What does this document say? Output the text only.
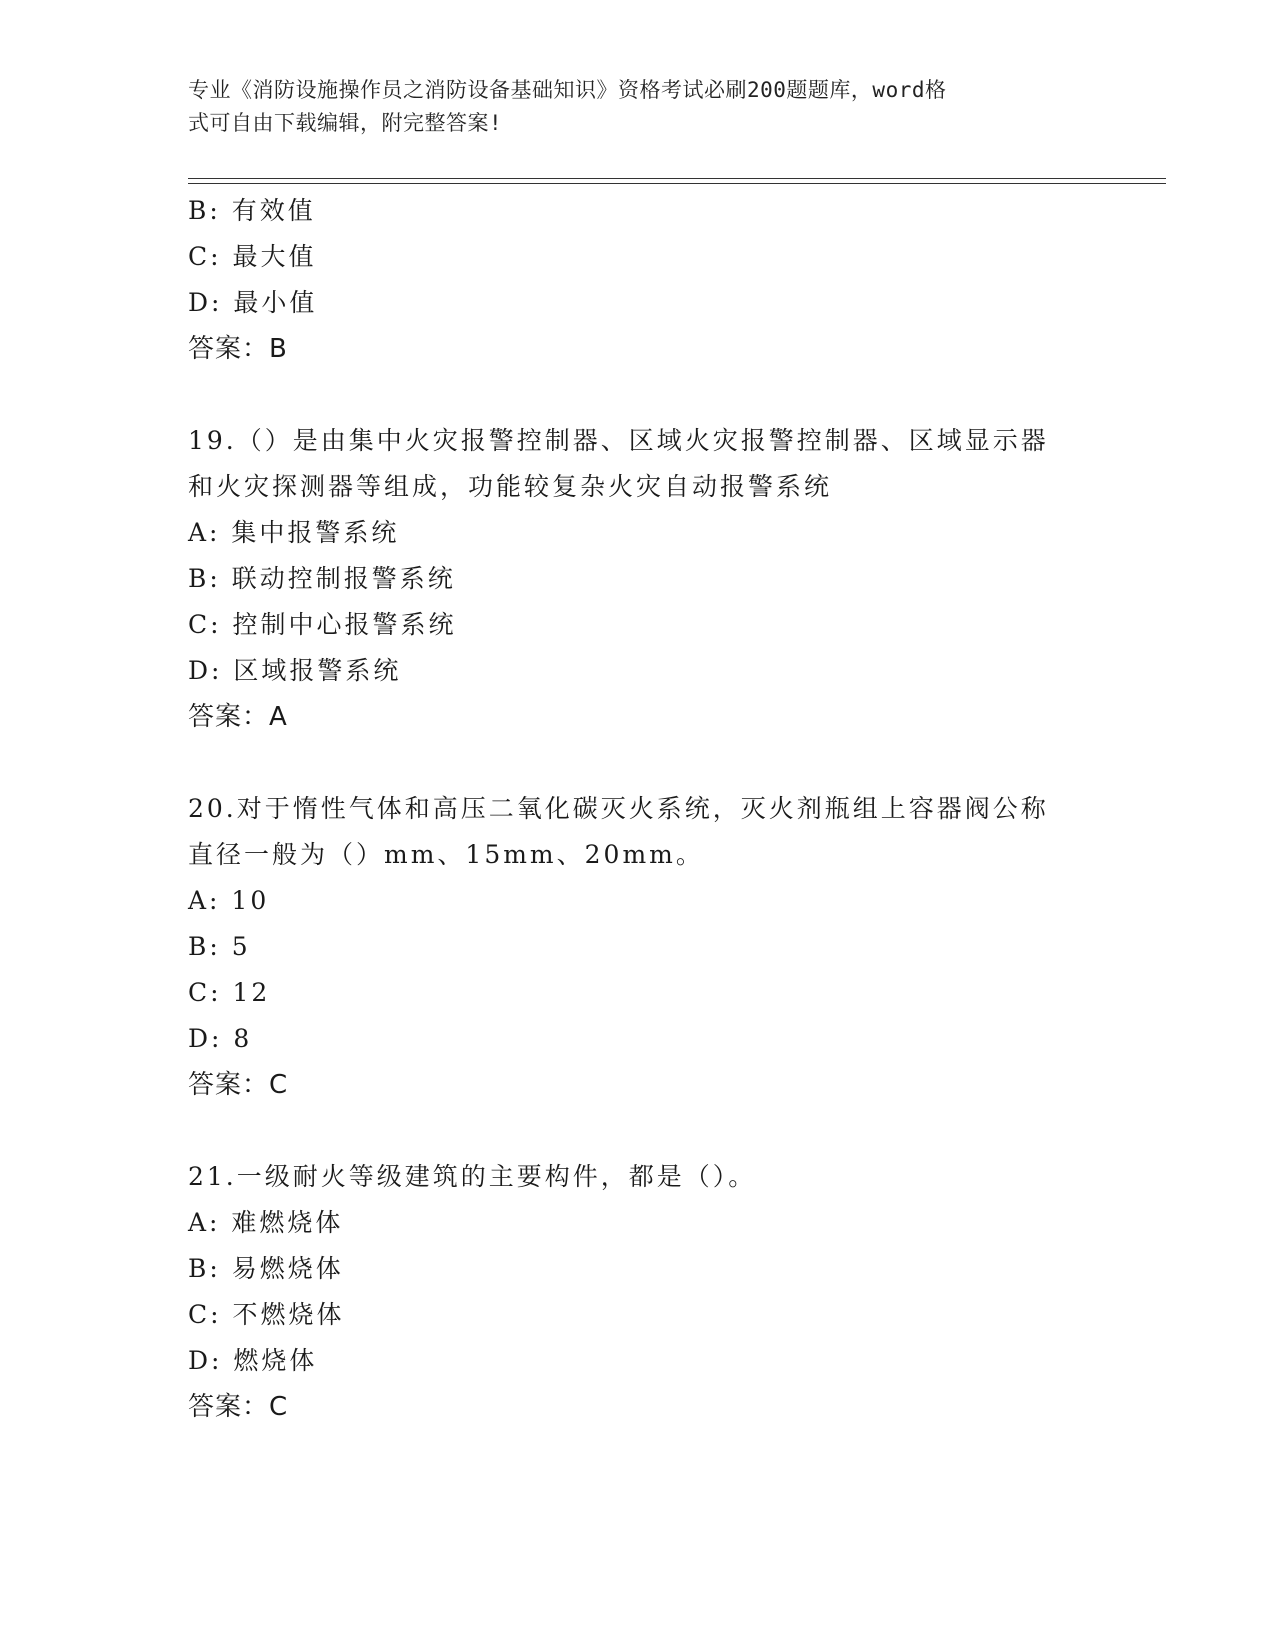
专业《消防设施操作员之消防设备基础知识》资格考试必刷200题题库，word格
式可自由下载编辑，附完整答案!
B: 有效值
C: 最大值
D: 最小值
答案：B
19.（）是由集中火灾报警控制器、区域火灾报警控制器、区域显示器
和火灾探测器等组成，功能较复杂火灾自动报警系统
A: 集中报警系统
B: 联动控制报警系统
C: 控制中心报警系统
D: 区域报警系统
答案：A
20.对于惰性气体和高压二氧化碳灭火系统，灭火剂瓶组上容器阀公称
直径一般为（）mm、15mm、20mm。
A: 10
B: 5
C: 12
D: 8
答案：C
21.一级耐火等级建筑的主要构件，都是（）。
A: 难燃烧体
B: 易燃烧体
C: 不燃烧体
D: 燃烧体
答案：C
